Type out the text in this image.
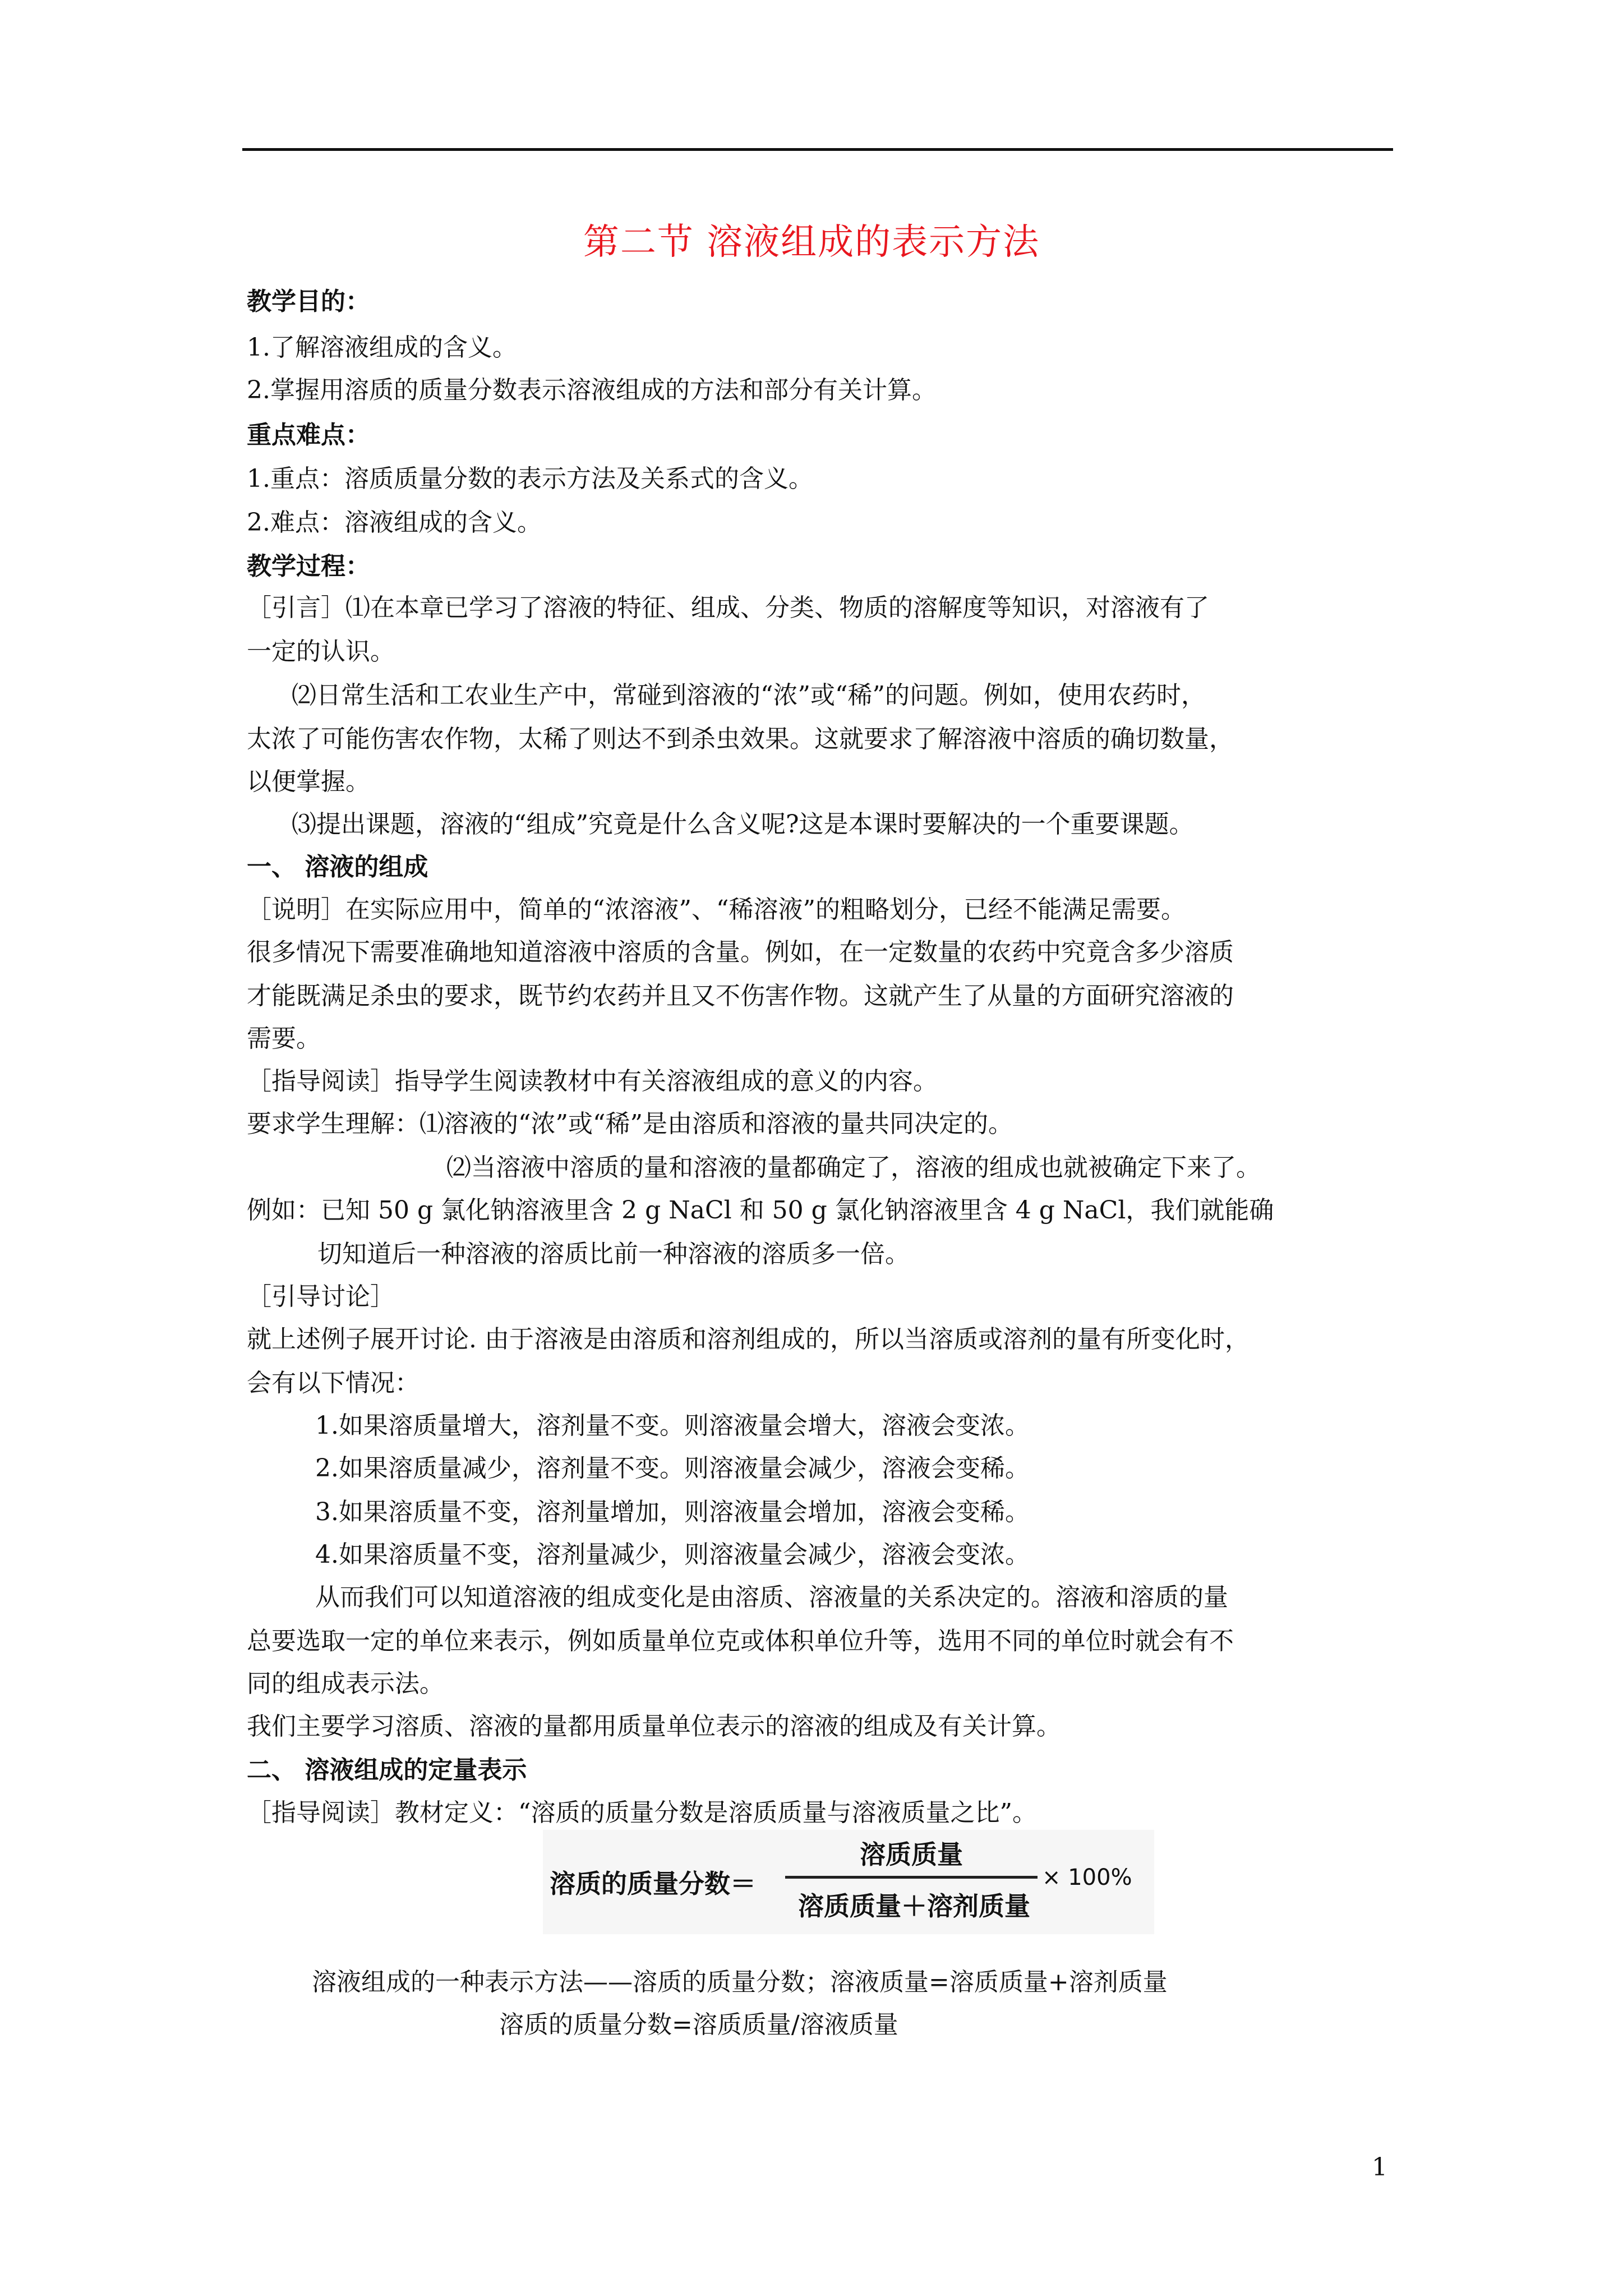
第二节 溶液组成的表示方法
教学目的：
1.了解溶液组成的含义。
2.掌握用溶质的质量分数表示溶液组成的方法和部分有关计算。
重点难点：
1.重点：溶质质量分数的表示方法及关系式的含义。
2.难点：溶液组成的含义。
教学过程：
［引言］⑴在本章已学习了溶液的特征、组成、分类、物质的溶解度等知识，对溶液有了
一定的认识。
⑵日常生活和工农业生产中，常碰到溶液的“浓”或“稀”的问题。例如，使用农药时，
太浓了可能伤害农作物，太稀了则达不到杀虫效果。这就要求了解溶液中溶质的确切数量，
以便掌握。
⑶提出课题，溶液的“组成”究竟是什么含义呢?这是本课时要解决的一个重要课题。
一、 溶液的组成
［说明］在实际应用中，简单的“浓溶液”、“稀溶液”的粗略划分，已经不能满足需要。
很多情况下需要准确地知道溶液中溶质的含量。例如，在一定数量的农药中究竟含多少溶质
才能既满足杀虫的要求，既节约农药并且又不伤害作物。这就产生了从量的方面研究溶液的
需要。
［指导阅读］指导学生阅读教材中有关溶液组成的意义的内容。
要求学生理解：⑴溶液的“浓”或“稀”是由溶质和溶液的量共同决定的。
⑵当溶液中溶质的量和溶液的量都确定了，溶液的组成也就被确定下来了。
例如：已知 50 g 氯化钠溶液里含 2 g NaCl 和 50 g 氯化钠溶液里含 4 g NaCl，我们就能确
切知道后一种溶液的溶质比前一种溶液的溶质多一倍。
［引导讨论］
就上述例子展开讨论. 由于溶液是由溶质和溶剂组成的，所以当溶质或溶剂的量有所变化时，
会有以下情况：
1.如果溶质量增大，溶剂量不变。则溶液量会增大，溶液会变浓。
2.如果溶质量减少，溶剂量不变。则溶液量会减少，溶液会变稀。
3.如果溶质量不变，溶剂量增加，则溶液量会增加，溶液会变稀。
4.如果溶质量不变，溶剂量减少，则溶液量会减少，溶液会变浓。
从而我们可以知道溶液的组成变化是由溶质、溶液量的关系决定的。溶液和溶质的量
总要选取一定的单位来表示，例如质量单位克或体积单位升等，选用不同的单位时就会有不
同的组成表示法。
我们主要学习溶质、溶液的量都用质量单位表示的溶液的组成及有关计算。
二、 溶液组成的定量表示
［指导阅读］教材定义：“溶质的质量分数是溶质质量与溶液质量之比”。
溶质的质量分数＝
溶质质量
溶质质量＋溶剂质量
× 100%
溶液组成的一种表示方法——溶质的质量分数；溶液质量=溶质质量+溶剂质量
溶质的质量分数=溶质质量/溶液质量
1
